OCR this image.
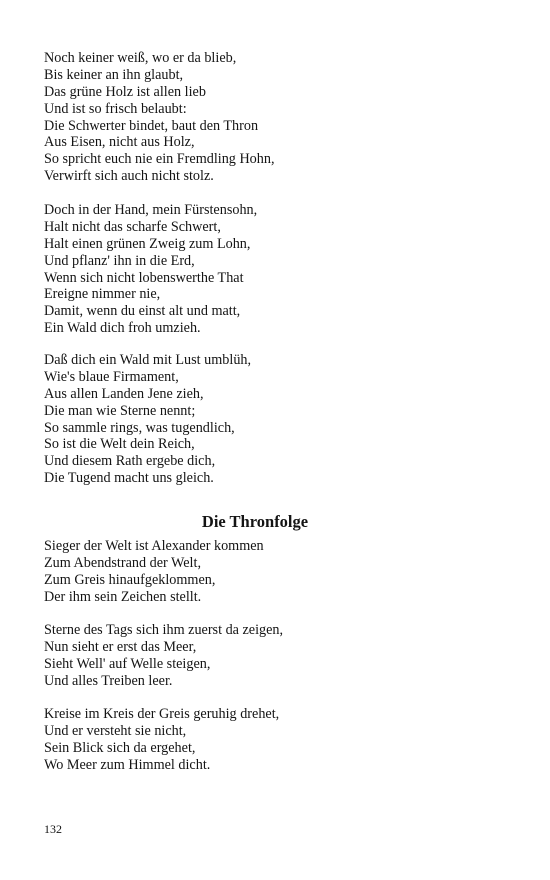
Noch keiner weiß, wo er da blieb,
Bis keiner an ihn glaubt,
Das grüne Holz ist allen lieb
Und ist so frisch belaubt:
Die Schwerter bindet, baut den Thron
Aus Eisen, nicht aus Holz,
So spricht euch nie ein Fremdling Hohn,
Verwirft sich auch nicht stolz.
Doch in der Hand, mein Fürstensohn,
Halt nicht das scharfe Schwert,
Halt einen grünen Zweig zum Lohn,
Und pflanz' ihn in die Erd,
Wenn sich nicht lobenswerthe That
Ereigne nimmer nie,
Damit, wenn du einst alt und matt,
Ein Wald dich froh umzieh.
Daß dich ein Wald mit Lust umblüh,
Wie's blaue Firmament,
Aus allen Landen Jene zieh,
Die man wie Sterne nennt;
So sammle rings, was tugendlich,
So ist die Welt dein Reich,
Und diesem Rath ergebe dich,
Die Tugend macht uns gleich.
Die Thronfolge
Sieger der Welt ist Alexander kommen
Zum Abendstrand der Welt,
Zum Greis hinaufgeklommen,
Der ihm sein Zeichen stellt.
Sterne des Tags sich ihm zuerst da zeigen,
Nun sieht er erst das Meer,
Sieht Well' auf Welle steigen,
Und alles Treiben leer.
Kreise im Kreis der Greis geruhig drehet,
Und er versteht sie nicht,
Sein Blick sich da ergehet,
Wo Meer zum Himmel dicht.
132
